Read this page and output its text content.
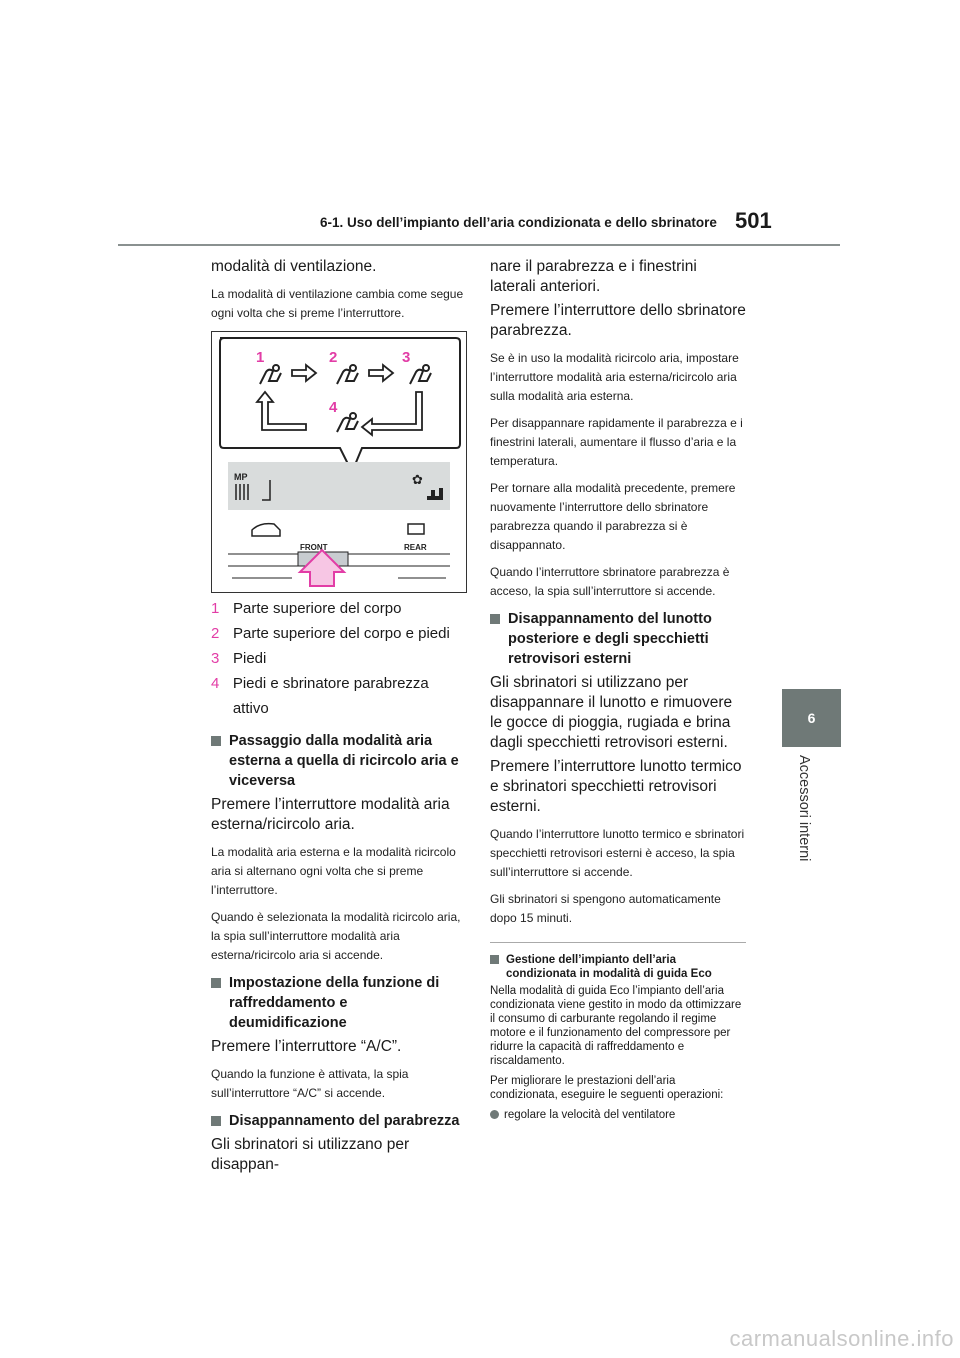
6-1. Uso dell’impianto dell’aria condizionata e dello sbrinatore 501
6
Accessori interni

modalità di ventilazione.

La modalità di ventilazione cambia come segue ogni volta che si preme l’interruttore.

1	2	3
4
MP	✿
FRONT	REAR
1 Parte superiore del corpo
2 Parte superiore del corpo e piedi
3 Piedi
4 Piedi e sbrinatore parabrezza attivo
Passaggio dalla modalità aria esterna a quella di ricircolo aria e viceversa

Premere l’interruttore modalità aria esterna/ricircolo aria.

La modalità aria esterna e la modalità ricircolo aria si alternano ogni volta che si preme l’interruttore.

Quando è selezionata la modalità ricircolo aria, la spia sull’interruttore modalità aria esterna/ricircolo aria si accende.

Impostazione della funzione di raffreddamento e deumidificazione

Premere l’interruttore “A/C”.

Quando la funzione è attivata, la spia sull’interruttore “A/C” si accende.

Disappannamento del parabrezza

Gli sbrinatori si utilizzano per disappan-

nare il parabrezza e i finestrini laterali anteriori.

Premere l’interruttore dello sbrinatore parabrezza.

Se è in uso la modalità ricircolo aria, impostare l’interruttore modalità aria esterna/ricircolo aria sulla modalità aria esterna.

Per disappannare rapidamente il parabrezza e i finestrini laterali, aumentare il flusso d’aria e la temperatura.

Per tornare alla modalità precedente, premere nuovamente l’interruttore dello sbrinatore parabrezza quando il parabrezza si è disappannato.

Quando l’interruttore sbrinatore parabrezza è acceso, la spia sull’interruttore si accende.

Disappannamento del lunotto posteriore e degli specchietti retrovisori esterni

Gli sbrinatori si utilizzano per disappannare il lunotto e rimuovere le gocce di pioggia, rugiada e brina dagli specchietti retrovisori esterni.

Premere l’interruttore lunotto termico e sbrinatori specchietti retrovisori esterni.

Quando l’interruttore lunotto termico e sbrinatori specchietti retrovisori esterni è acceso, la spia sull’interruttore si accende.

Gli sbrinatori si spengono automaticamente dopo 15 minuti.

Gestione dell’impianto dell’aria condizionata in modalità di guida Eco

Nella modalità di guida Eco l’impianto dell’aria condizionata viene gestito in modo da ottimizzare il consumo di carburante regolando il regime motore e il funzionamento del compressore per ridurre la capacità di raffreddamento e riscaldamento.

Per migliorare le prestazioni dell’aria condizionata, eseguire le seguenti operazioni:

regolare la velocità del ventilatore
carmanualsonline.info
